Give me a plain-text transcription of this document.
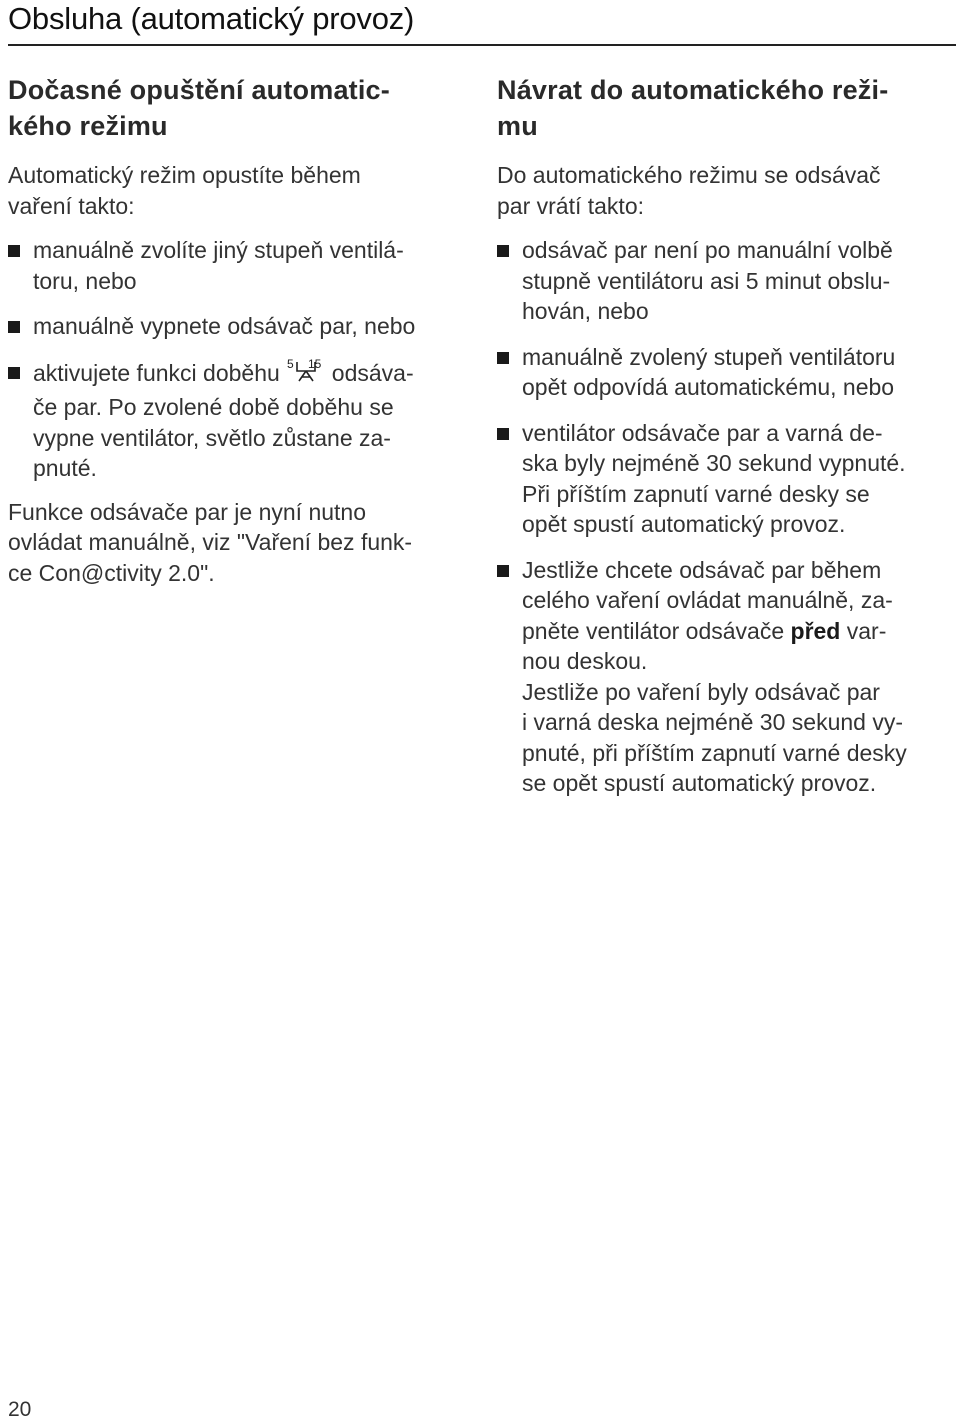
Obsluha (automatický provoz)
Dočasné opuštění automatic-
kého režimu

Automatický režim opustíte během
vaření takto:

manuálně zvolíte jiný stupeň ventilá-
toru, nebo
manuálně vypnete odsávač par, nebo
aktivujete funkci doběhu 5 15 odsáva-
če par. Po zvolené době doběhu se
vypne ventilátor, světlo zůstane za-
pnuté.

Funkce odsávače par je nyní nutno
ovládat manuálně, viz "Vaření bez funk-
ce Con@ctivity 2.0".

Návrat do automatického reži-
mu

Do automatického režimu se odsávač
par vrátí takto:

odsávač par není po manuální volbě
stupně ventilátoru asi 5 minut obslu-
hován, nebo
manuálně zvolený stupeň ventilátoru
opět odpovídá automatickému, nebo
ventilátor odsávače par a varná de-
ska byly nejméně 30 sekund vypnuté.
Při příštím zapnutí varné desky se
opět spustí automatický provoz.
Jestliže chcete odsávač par během
celého vaření ovládat manuálně, za-
pněte ventilátor odsávače před var-
nou deskou.
Jestliže po vaření byly odsávač par
i varná deska nejméně 30 sekund vy-
pnuté, při příštím zapnutí varné desky
se opět spustí automatický provoz.
20
